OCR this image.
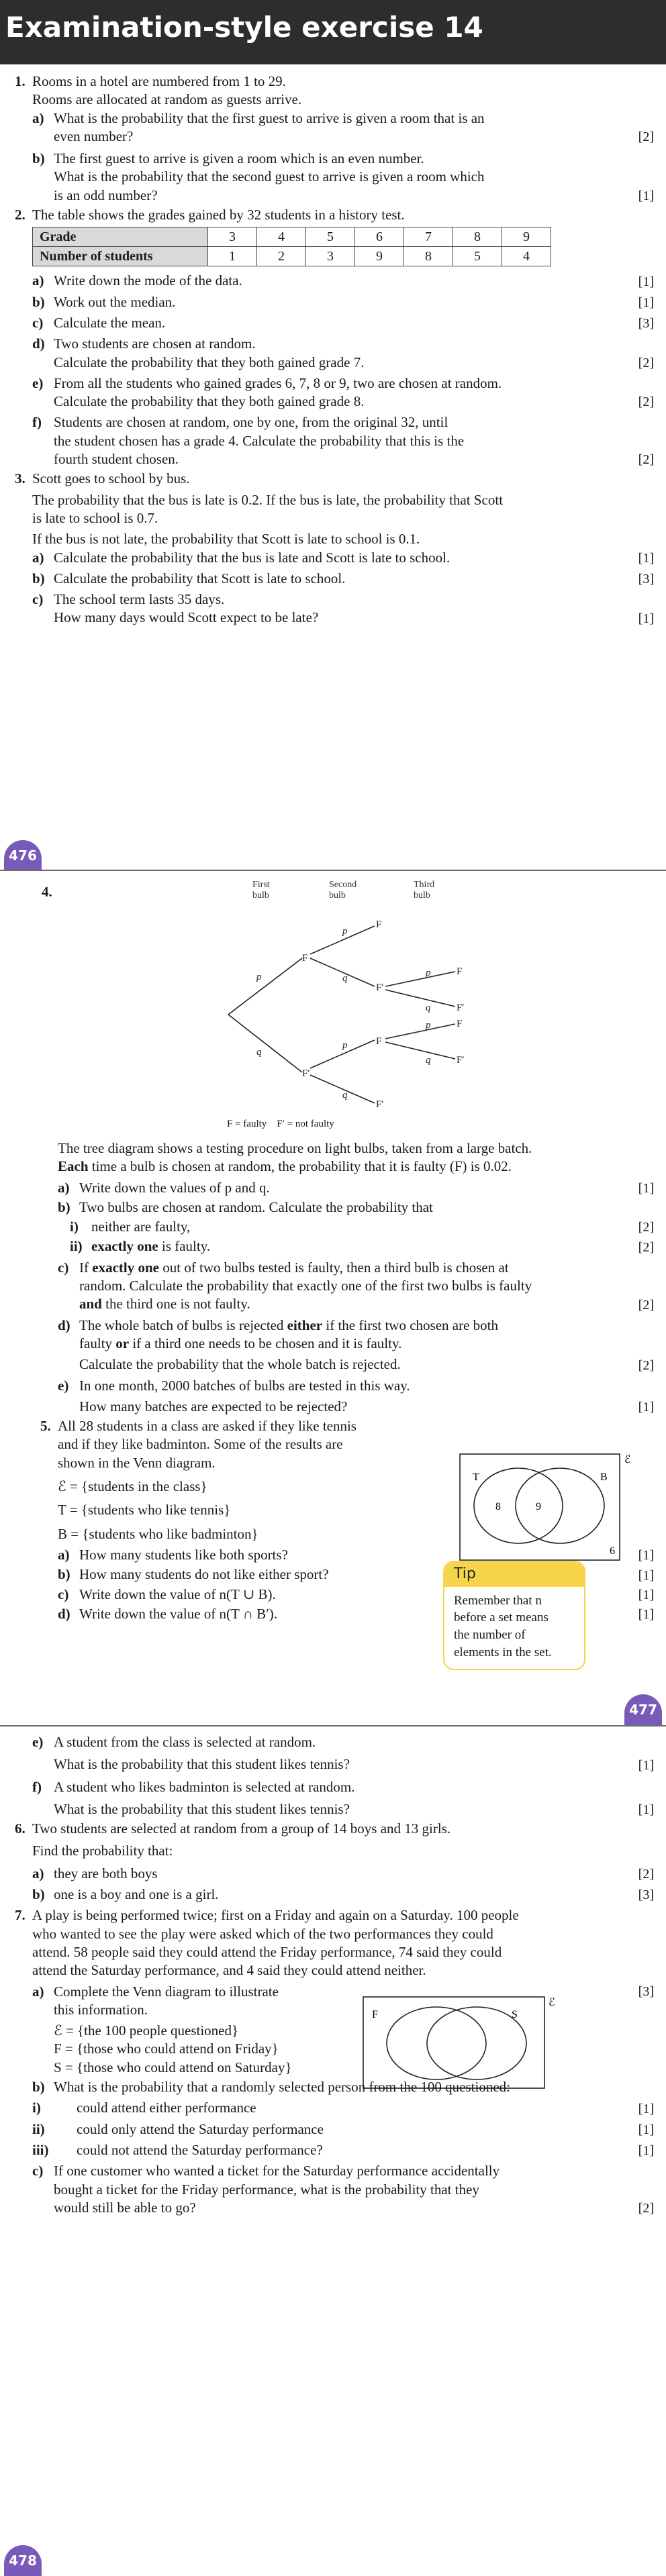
Examination-style exercise 14
1. Rooms in a hotel are numbered from 1 to 29.
Rooms are allocated at random as guests arrive.
a) What is the probability that the first guest to arrive is given a room that is an
even number?	[2]
b) The first guest to arrive is given a room which is an even number.
What is the probability that the second guest to arrive is given a room which
is an odd number?	[1]
2. The table shows the grades gained by 32 students in a history test.
Grade	3	4	5	6	7	8	9
Number of students	1	2	3	9	8	5	4
a) Write down the mode of the data.	[1]
b) Work out the median.	[1]
c) Calculate the mean.	[3]
d) Two students are chosen at random.
Calculate the probability that they both gained grade 7.	[2]
e) From all the students who gained grades 6, 7, 8 or 9, two are chosen at random.
Calculate the probability that they both gained grade 8.	[2]
f) Students are chosen at random, one by one, from the original 32, until
the student chosen has a grade 4. Calculate the probability that this is the
fourth student chosen.	[2]
3. Scott goes to school by bus.
The probability that the bus is late is 0.2. If the bus is late, the probability that Scott
is late to school is 0.7.
If the bus is not late, the probability that Scott is late to school is 0.1.
a) Calculate the probability that the bus is late and Scott is late to school.	[1]
b) Calculate the probability that Scott is late to school.	[3]
c) The school term lasts 35 days.
How many days would Scott expect to be late?	[1]
476
4.	First
bulb
Second
bulb
Third
bulb
p
q
p
q
p
q
p
q
p
q
F
F′
F
F′
F
F′
F
F′
F
F′
F = faulty    F′ = not faulty
The tree diagram shows a testing procedure on light bulbs, taken from a large batch.
Each time a bulb is chosen at random, the probability that it is faulty (F) is 0.02.
a) Write down the values of p and q.	[1]
b) Two bulbs are chosen at random. Calculate the probability that
i) neither are faulty,	[2]
ii) exactly one is faulty.	[2]
c) If exactly one out of two bulbs tested is faulty, then a third bulb is chosen at
random. Calculate the probability that exactly one of the first two bulbs is faulty
and the third one is not faulty.	[2]
d) The whole batch of bulbs is rejected either if the first two chosen are both
faulty or if a third one needs to be chosen and it is faulty.
Calculate the probability that the whole batch is rejected.	[2]
e) In one month, 2000 batches of bulbs are tested in this way.
How many batches are expected to be rejected?	[1]
5. All 28 students in a class are asked if they like tennis
and if they like badminton. Some of the results are
shown in the Venn diagram.
ℰ = {students in the class}
T = {students who like tennis}
B = {students who like badminton}
a) How many students like both sports?	[1]
b) How many students do not like either sport?	[1]
c) Write down the value of n(T ∪ B).	[1]
d) Write down the value of n(T ∩ B′).	[1]
ℰ
T	B
8	9
6
Tip
Remember that n
before a set means
the number of
elements in the set.
477
e) A student from the class is selected at random.
What is the probability that this student likes tennis?	[1]
f) A student who likes badminton is selected at random.
What is the probability that this student likes tennis?	[1]
6. Two students are selected at random from a group of 14 boys and 13 girls.
Find the probability that:
a) they are both boys	[2]
b) one is a boy and one is a girl.	[3]
7. A play is being performed twice; first on a Friday and again on a Saturday. 100 people
who wanted to see the play were asked which of the two performances they could
attend. 58 people said they could attend the Friday performance, 74 said they could
attend the Saturday performance, and 4 said they could attend neither.
a) Complete the Venn diagram to illustrate
this information.
[3]
ℰ = {the 100 people questioned}
F = {those who could attend on Friday}
S = {those who could attend on Saturday}
b) What is the probability that a randomly selected person from the 100 questioned:
i)	could attend either performance	[1]
ii) could only attend the Saturday performance	[1]
iii) could not attend the Saturday performance?	[1]
c) If one customer who wanted a ticket for the Saturday performance accidentally
bought a ticket for the Friday performance, what is the probability that they
would still be able to go?	[2]
ℰ
F	S
478
